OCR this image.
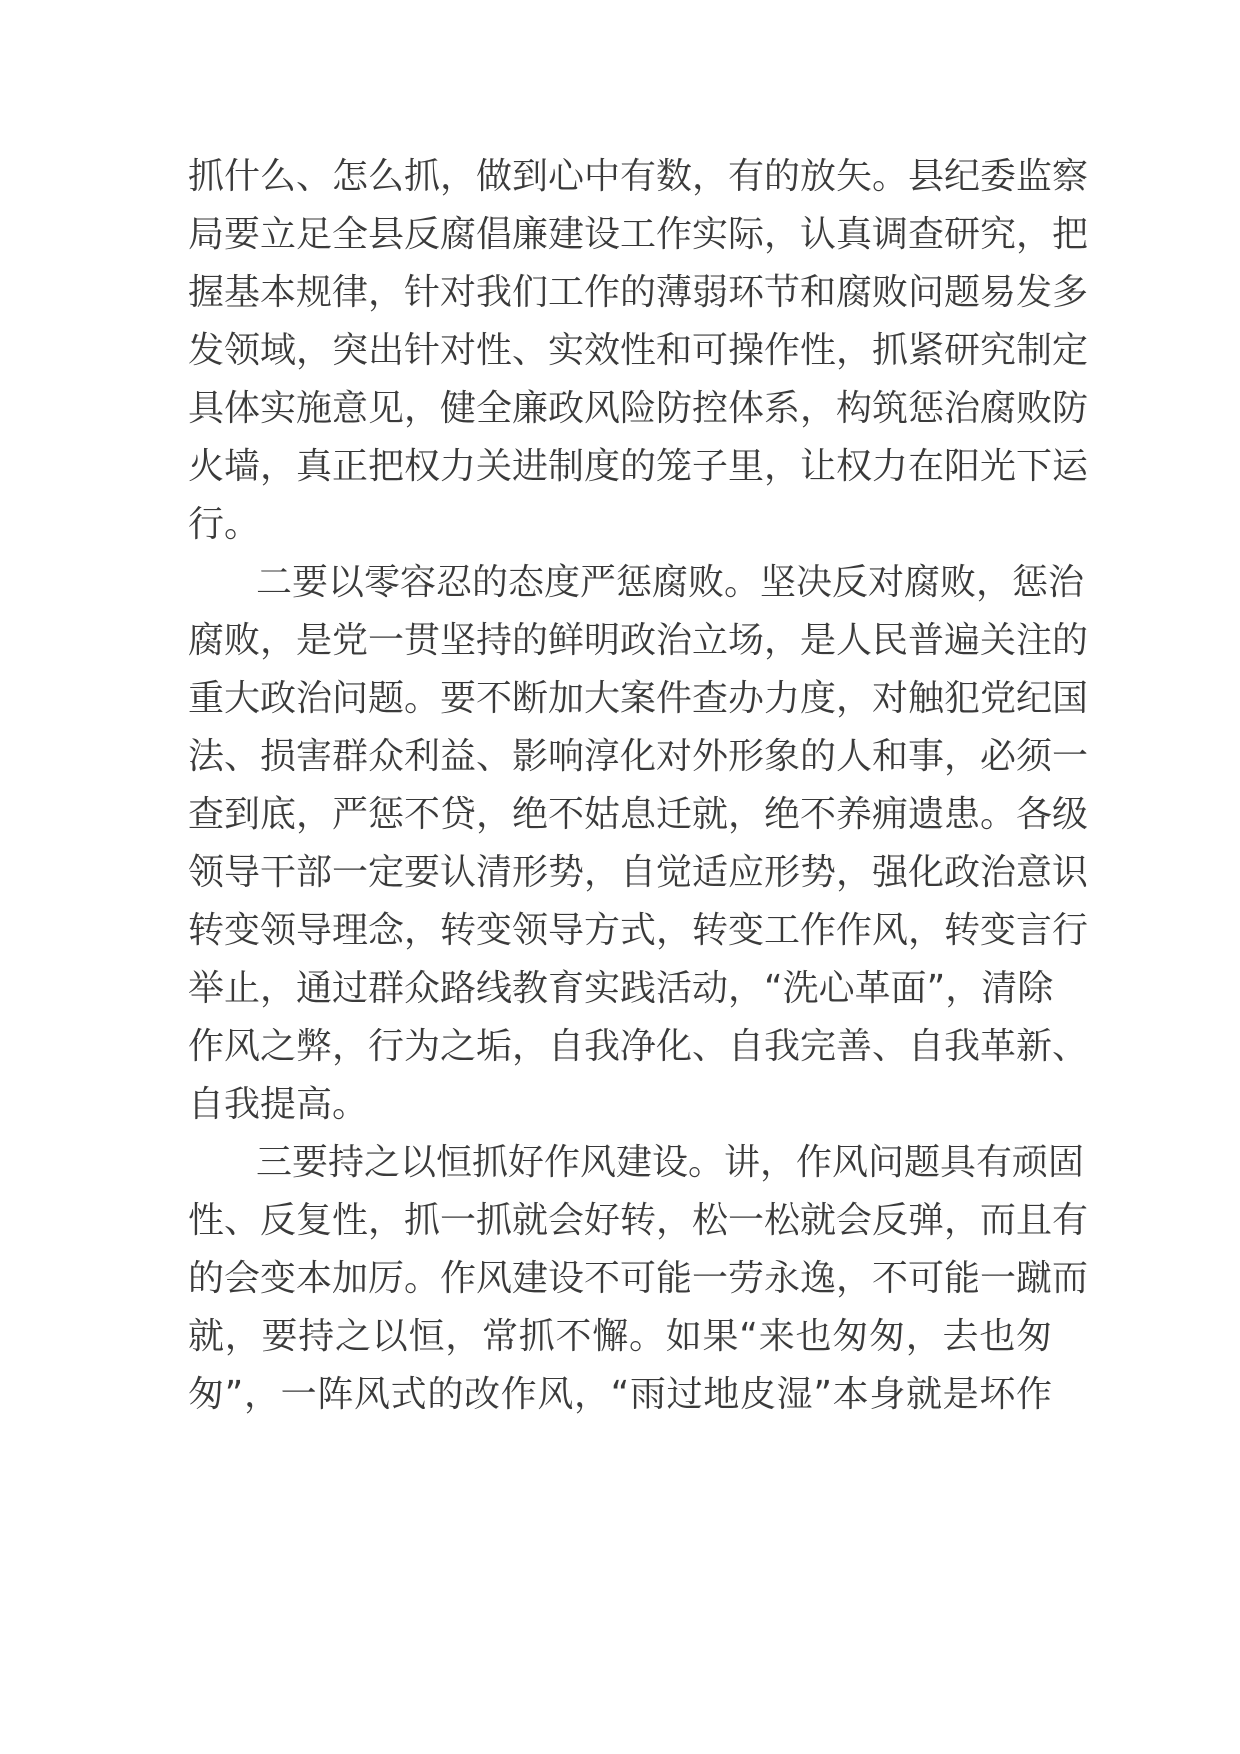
抓什么、怎么抓，做到心中有数，有的放矢。县纪委监察
局要立足全县反腐倡廉建设工作实际，认真调查研究，把
握基本规律，针对我们工作的薄弱环节和腐败问题易发多
发领域，突出针对性、实效性和可操作性，抓紧研究制定
具体实施意见，健全廉政风险防控体系，构筑惩治腐败防
火墙，真正把权力关进制度的笼子里，让权力在阳光下运
行。
二要以零容忍的态度严惩腐败。坚决反对腐败，惩治
腐败，是党一贯坚持的鲜明政治立场，是人民普遍关注的
重大政治问题。要不断加大案件查办力度，对触犯党纪国
法、损害群众利益、影响淳化对外形象的人和事，必须一
查到底，严惩不贷，绝不姑息迁就，绝不养痈遗患。各级
领导干部一定要认清形势，自觉适应形势，强化政治意识
转变领导理念，转变领导方式，转变工作作风，转变言行
举止，通过群众路线教育实践活动，“洗心革面”，清除
作风之弊，行为之垢，自我净化、自我完善、自我革新、
自我提高。
三要持之以恒抓好作风建设。讲，作风问题具有顽固
性、反复性，抓一抓就会好转，松一松就会反弹，而且有
的会变本加厉。作风建设不可能一劳永逸，不可能一蹴而
就，要持之以恒，常抓不懈。如果“来也匆匆，去也匆
匆”，一阵风式的改作风，“雨过地皮湿”本身就是坏作
